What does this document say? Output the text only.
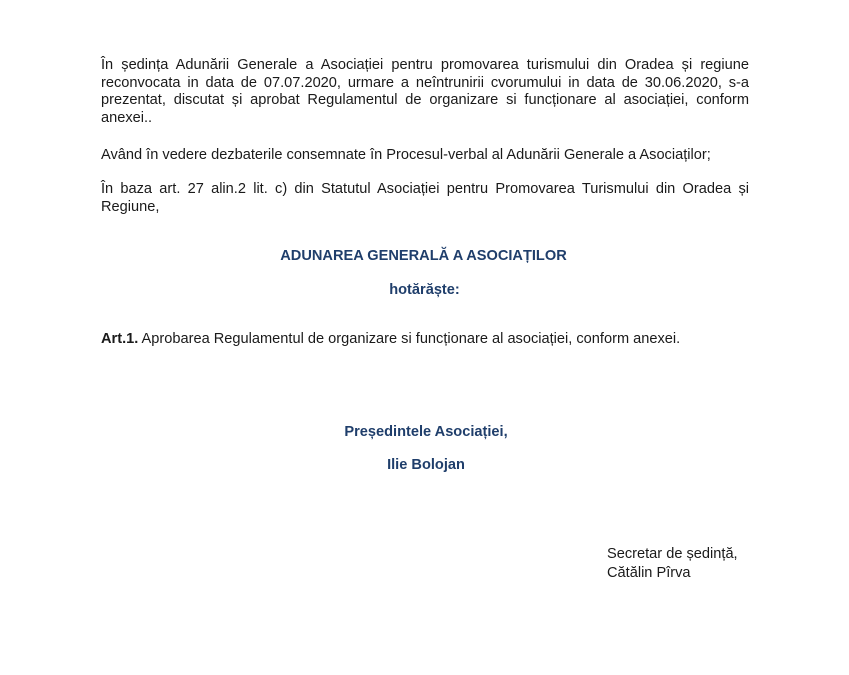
În ședința Adunării Generale a Asociației pentru promovarea turismului din Oradea și regiune reconvocata in data de 07.07.2020, urmare a neîntrunirii cvorumului in data de 30.06.2020, s-a prezentat, discutat și aprobat Regulamentul de organizare si funcționare al asociației, conform anexei..

Având în vedere dezbaterile consemnate în Procesul-verbal al Adunării Generale a Asociaților;

În baza art. 27 alin.2 lit. c) din Statutul Asociației pentru Promovarea Turismului din Oradea și Regiune,

ADUNAREA GENERALĂ A ASOCIAȚILOR

hotărăște:

Art.1. Aprobarea Regulamentul de organizare si funcționare al asociației, conform anexei.

Președintele Asociației,

Ilie Bolojan

Secretar de ședință,
Cătălin Pîrva
